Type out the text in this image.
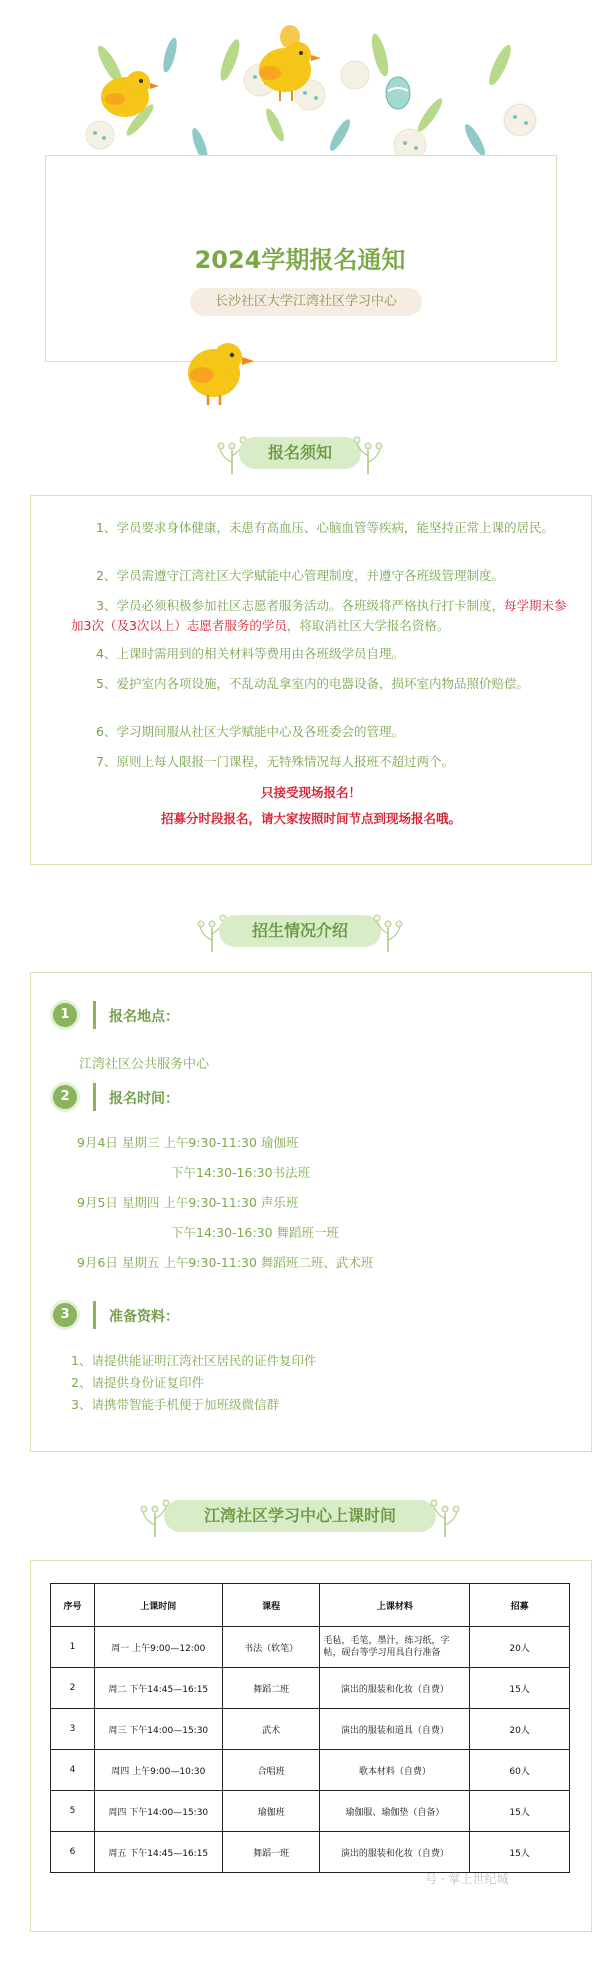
2024学期报名通知
长沙社区大学江湾社区学习中心
报名须知
1、学员要求身体健康，未患有高血压、心脑血管等疾病，能坚持正常上课的居民。
2、学员需遵守江湾社区大学赋能中心管理制度，并遵守各班级管理制度。
3、学员必须积极参加社区志愿者服务活动。各班级将严格执行打卡制度，每学期未参加3次（及3次以上）志愿者服务的学员，将取消社区大学报名资格。
4、上课时需用到的相关材料等费用由各班级学员自理。
5、爱护室内各项设施，不乱动乱拿室内的电器设备，损坏室内物品照价赔偿。
6、学习期间服从社区大学赋能中心及各班委会的管理。
7、原则上每人限报一门课程，无特殊情况每人报班不超过两个。
只接受现场报名！
招募分时段报名，请大家按照时间节点到现场报名哦。
招生情况介绍
1	报名地点：
江湾社区公共服务中心
2	报名时间：
9月4日 星期三 上午9:30-11:30 瑜伽班
下午14:30-16:30书法班
9月5日 星期四 上午9:30-11:30 声乐班
下午14:30-16:30 舞蹈班一班
9月6日 星期五 上午9:30-11:30 舞蹈班二班、武术班
3	准备资料：
1、请提供能证明江湾社区居民的证件复印件
2、请提供身份证复印件
3、请携带智能手机便于加班级微信群
江湾社区学习中心上课时间
序号	上课时间	课程	上课材料	招募
1	周一 上午9:00—12:00	书法（软笔）	毛毡，毛笔，墨汁，练习纸，字帖，砚台等学习用具自行准备	20人
2	周二 下午14:45—16:15	舞蹈二班	演出的服装和化妆（自费）	15人
3	周三 下午14:00—15:30	武术	演出的服装和道具（自费）	20人
4	周四 上午9:00—10:30	合唱班	歌本材料（自费）	60人
5	周四 下午14:00—15:30	瑜伽班	瑜伽服、瑜伽垫（自备）	15人
6	周五 下午14:45—16:15	舞蹈一班	演出的服装和化妆（自费）	15人
号 · 掌上世纪城
